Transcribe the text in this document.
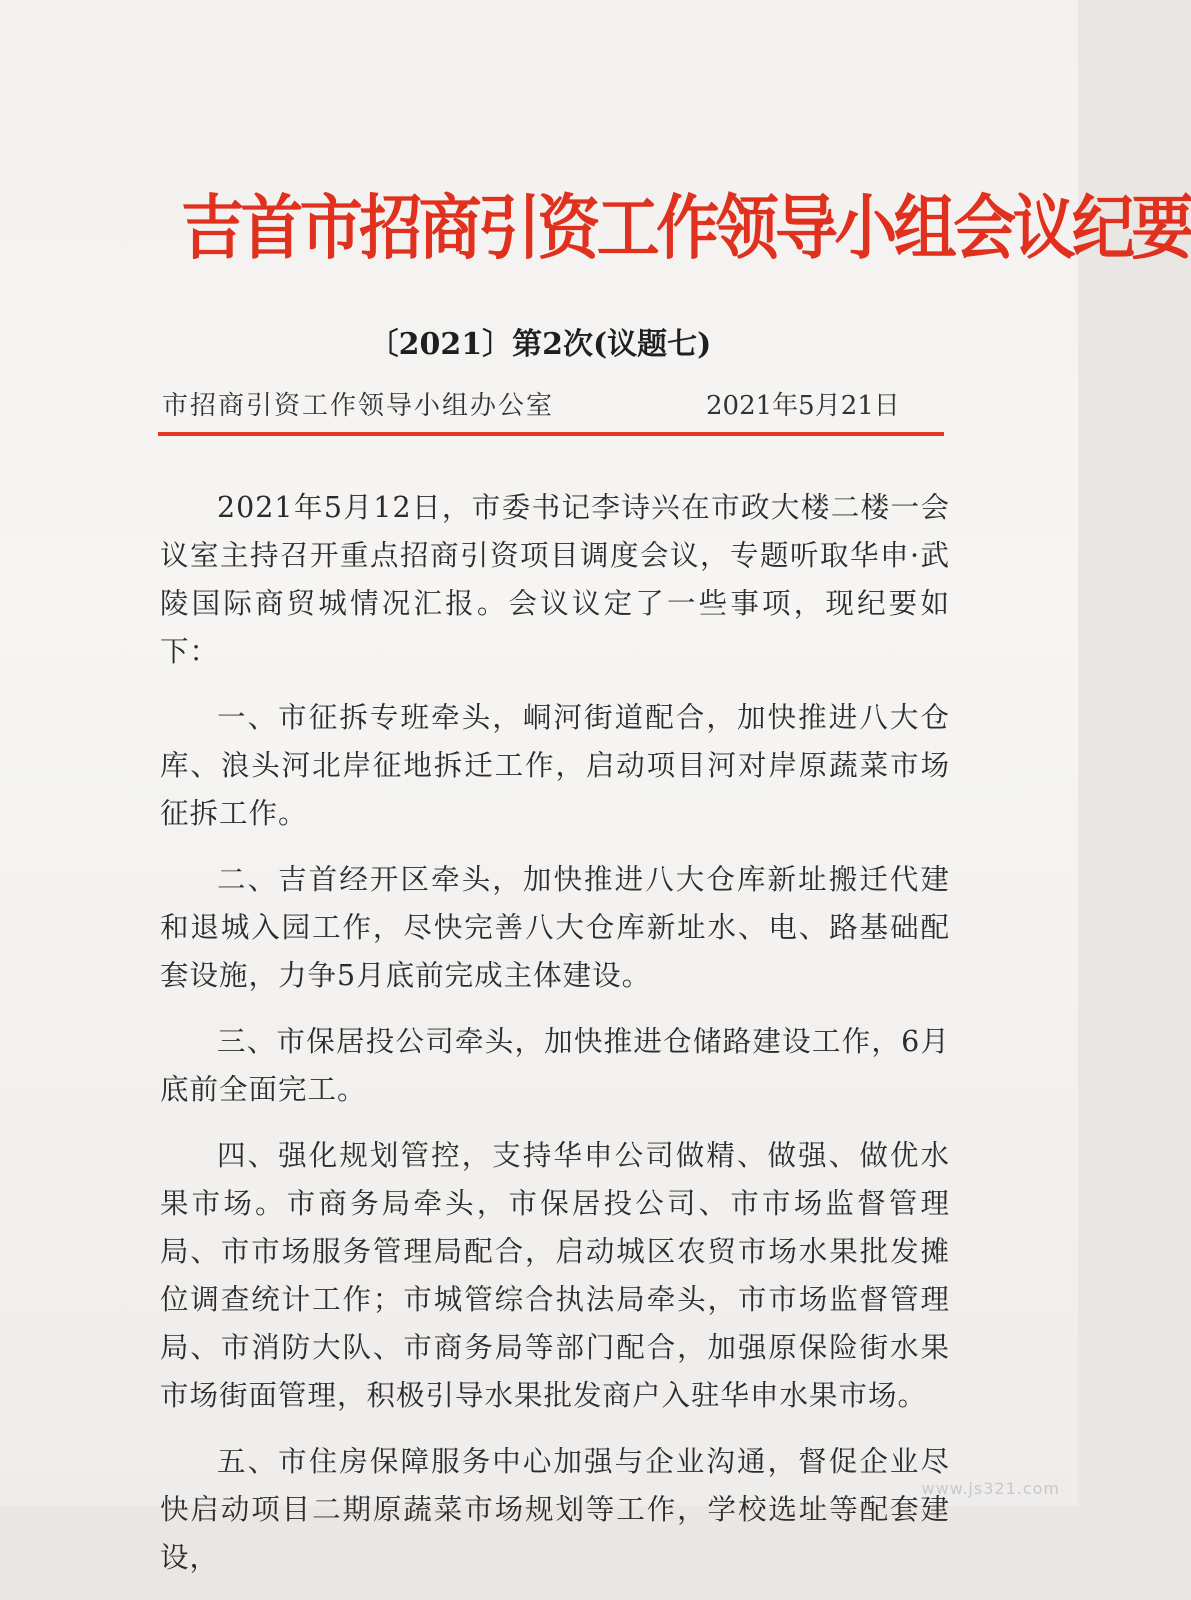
吉首市招商引资工作领导小组会议纪要
〔2021〕第2次(议题七)
市招商引资工作领导小组办公室	2021年5月21日

2021年5月12日，市委书记李诗兴在市政大楼二楼一会议室主持召开重点招商引资项目调度会议，专题听取华申·武陵国际商贸城情况汇报。会议议定了一些事项，现纪要如下：

一、市征拆专班牵头，峒河街道配合，加快推进八大仓库、浪头河北岸征地拆迁工作，启动项目河对岸原蔬菜市场征拆工作。

二、吉首经开区牵头，加快推进八大仓库新址搬迁代建和退城入园工作，尽快完善八大仓库新址水、电、路基础配套设施，力争5月底前完成主体建设。

三、市保居投公司牵头，加快推进仓储路建设工作，6月底前全面完工。

四、强化规划管控，支持华申公司做精、做强、做优水果市场。市商务局牵头，市保居投公司、市市场监督管理局、市市场服务管理局配合，启动城区农贸市场水果批发摊位调查统计工作；市城管综合执法局牵头，市市场监督管理局、市消防大队、市商务局等部门配合，加强原保险街水果市场街面管理，积极引导水果批发商户入驻华申水果市场。

五、市住房保障服务中心加强与企业沟通，督促企业尽快启动项目二期原蔬菜市场规划等工作，学校选址等配套建设，

www.js321.com
